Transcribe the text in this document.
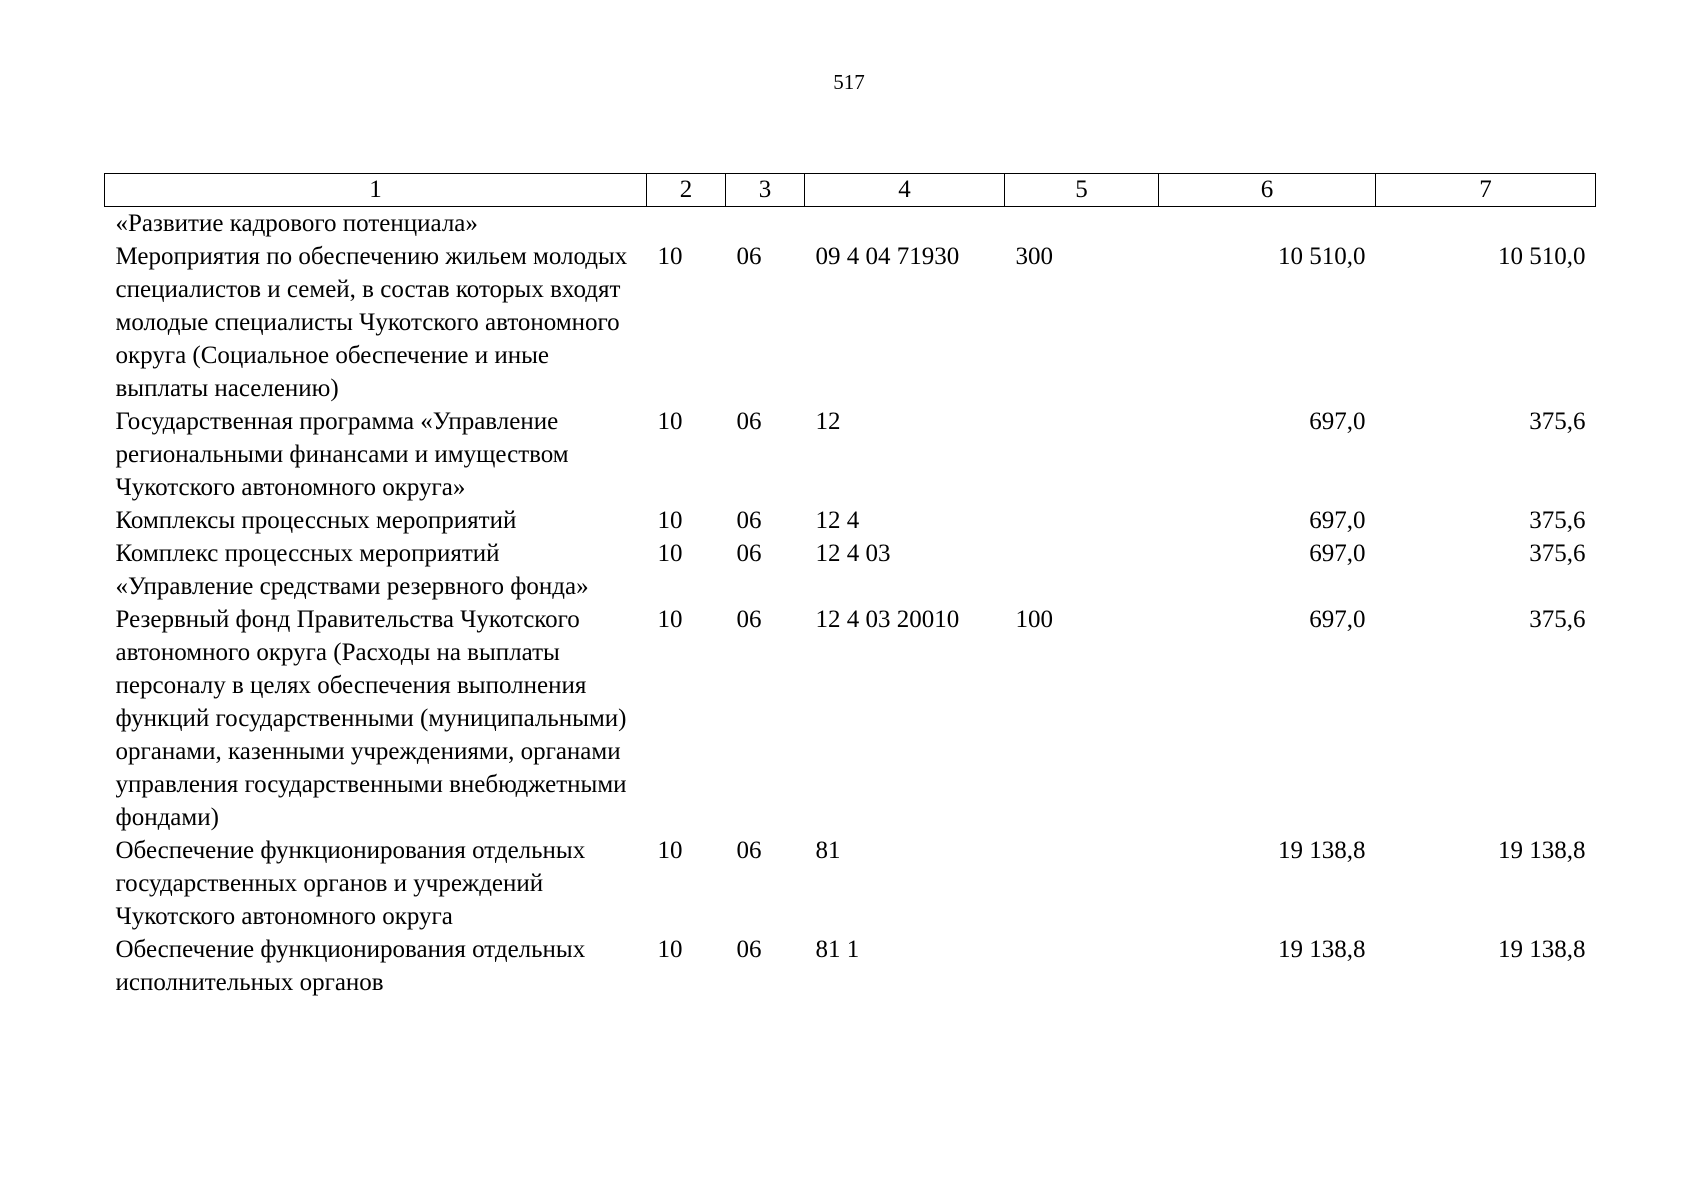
517
1	2	3	4	5	6	7
«Развитие кадрового потенциала»						
Мероприятия по обеспечению жильем молодых специалистов и семей, в состав которых входят молодые специалисты Чукотского автономного округа (Социальное обеспечение и иные выплаты населению)	10	06	09 4 04 71930	300	10 510,0	10 510,0
Государственная программа «Управление региональными финансами и имуществом Чукотского автономного округа»	10	06	12		697,0	375,6
Комплексы процессных мероприятий	10	06	12 4		697,0	375,6
Комплекс процессных мероприятий «Управление средствами резервного фонда»	10	06	12 4 03		697,0	375,6
Резервный фонд Правительства Чукотского автономного округа (Расходы на выплаты персоналу в целях обеспечения выполнения функций государственными (муниципальными) органами, казенными учреждениями, органами управления государственными внебюджетными фондами)	10	06	12 4 03 20010	100	697,0	375,6
Обеспечение функционирования отдельных государственных органов и учреждений Чукотского автономного округа	10	06	81		19 138,8	19 138,8
Обеспечение функционирования отдельных исполнительных органов	10	06	81 1		19 138,8	19 138,8
